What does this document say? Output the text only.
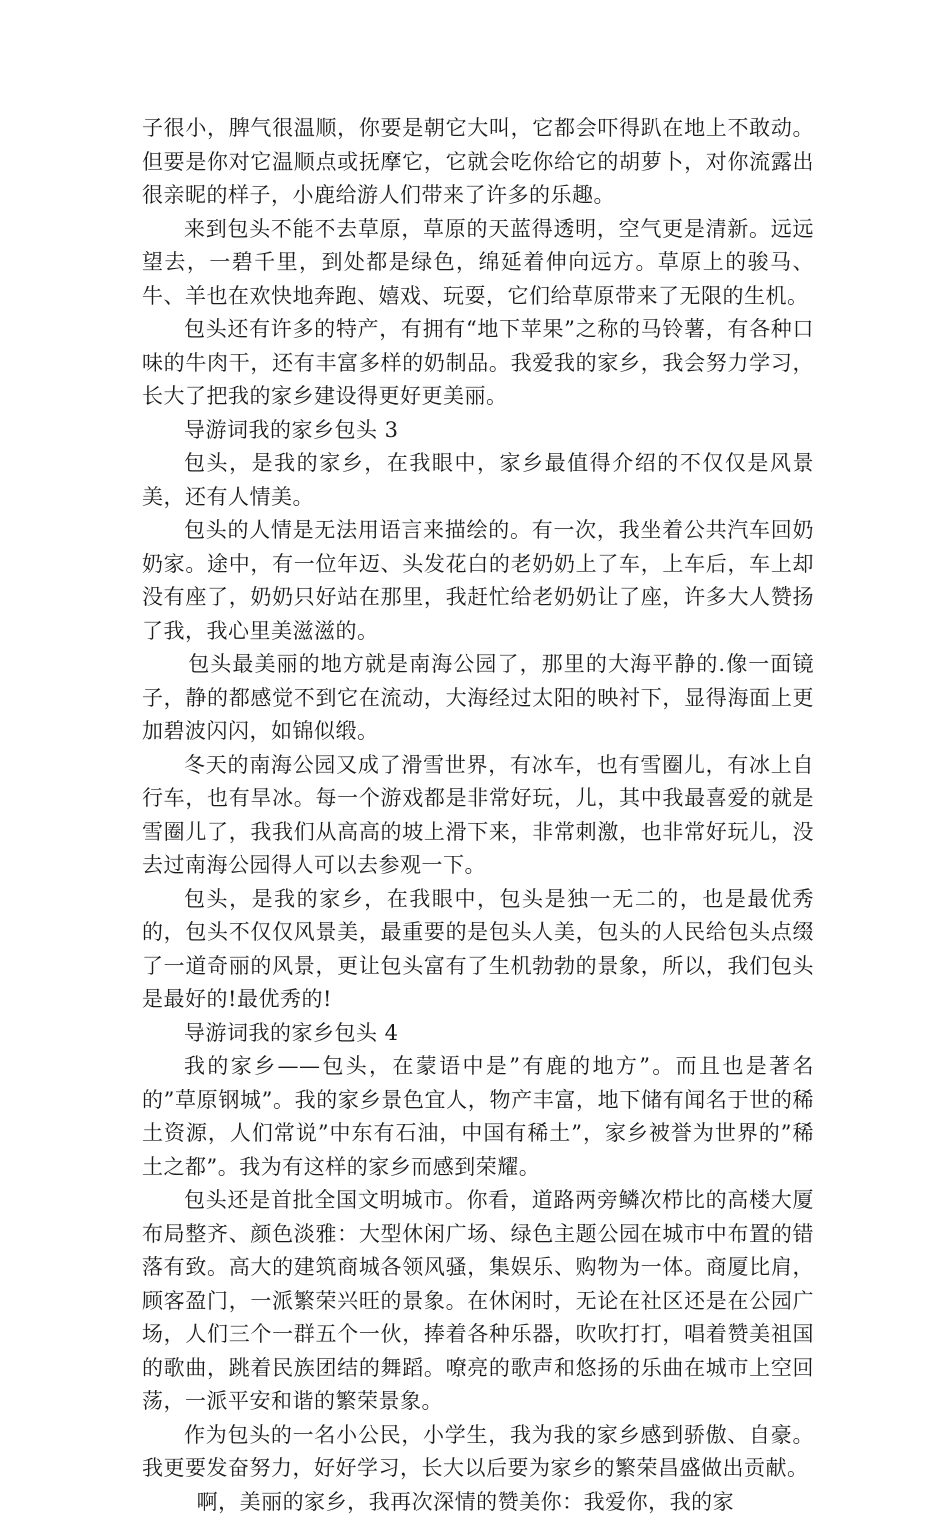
子很小，脾气很温顺，你要是朝它大叫，它都会吓得趴在地上不敢动。但要是你对它温顺点或抚摩它，它就会吃你给它的胡萝卜，对你流露出很亲昵的样子，小鹿给游人们带来了许多的乐趣。

来到包头不能不去草原，草原的天蓝得透明，空气更是清新。远远望去，一碧千里，到处都是绿色，绵延着伸向远方。草原上的骏马、牛、羊也在欢快地奔跑、嬉戏、玩耍，它们给草原带来了无限的生机。

包头还有许多的特产，有拥有“地下苹果”之称的马铃薯，有各种口味的牛肉干，还有丰富多样的奶制品。我爱我的家乡，我会努力学习，长大了把我的家乡建设得更好更美丽。

导游词我的家乡包头 3

包头，是我的家乡，在我眼中，家乡最值得介绍的不仅仅是风景美，还有人情美。

包头的人情是无法用语言来描绘的。有一次，我坐着公共汽车回奶奶家。途中，有一位年迈、头发花白的老奶奶上了车，上车后，车上却没有座了，奶奶只好站在那里，我赶忙给老奶奶让了座，许多大人赞扬了我，我心里美滋滋的。

包头最美丽的地方就是南海公园了，那里的大海平静的.像一面镜子，静的都感觉不到它在流动，大海经过太阳的映衬下，显得海面上更加碧波闪闪，如锦似缎。

冬天的南海公园又成了滑雪世界，有冰车，也有雪圈儿，有冰上自行车，也有旱冰。每一个游戏都是非常好玩，儿，其中我最喜爱的就是雪圈儿了，我我们从高高的坡上滑下来，非常刺激，也非常好玩儿，没去过南海公园得人可以去参观一下。

包头，是我的家乡，在我眼中，包头是独一无二的，也是最优秀的，包头不仅仅风景美，最重要的是包头人美，包头的人民给包头点缀了一道奇丽的风景，更让包头富有了生机勃勃的景象，所以，我们包头是最好的!最优秀的!

导游词我的家乡包头 4

我的家乡——包头，在蒙语中是”有鹿的地方”。而且也是著名的”草原钢城”。我的家乡景色宜人，物产丰富，地下储有闻名于世的稀土资源，人们常说”中东有石油，中国有稀土”，家乡被誉为世界的”稀土之都”。我为有这样的家乡而感到荣耀。

包头还是首批全国文明城市。你看，道路两旁鳞次栉比的高楼大厦布局整齐、颜色淡雅：大型休闲广场、绿色主题公园在城市中布置的错落有致。高大的建筑商城各领风骚，集娱乐、购物为一体。商厦比肩，顾客盈门，一派繁荣兴旺的景象。在休闲时，无论在社区还是在公园广场，人们三个一群五个一伙，捧着各种乐器，吹吹打打，唱着赞美祖国的歌曲，跳着民族团结的舞蹈。嘹亮的歌声和悠扬的乐曲在城市上空回荡，一派平安和谐的繁荣景象。

作为包头的一名小公民，小学生，我为我的家乡感到骄傲、自豪。我更要发奋努力，好好学习，长大以后要为家乡的繁荣昌盛做出贡献。

啊，美丽的家乡，我再次深情的赞美你：我爱你，我的家
